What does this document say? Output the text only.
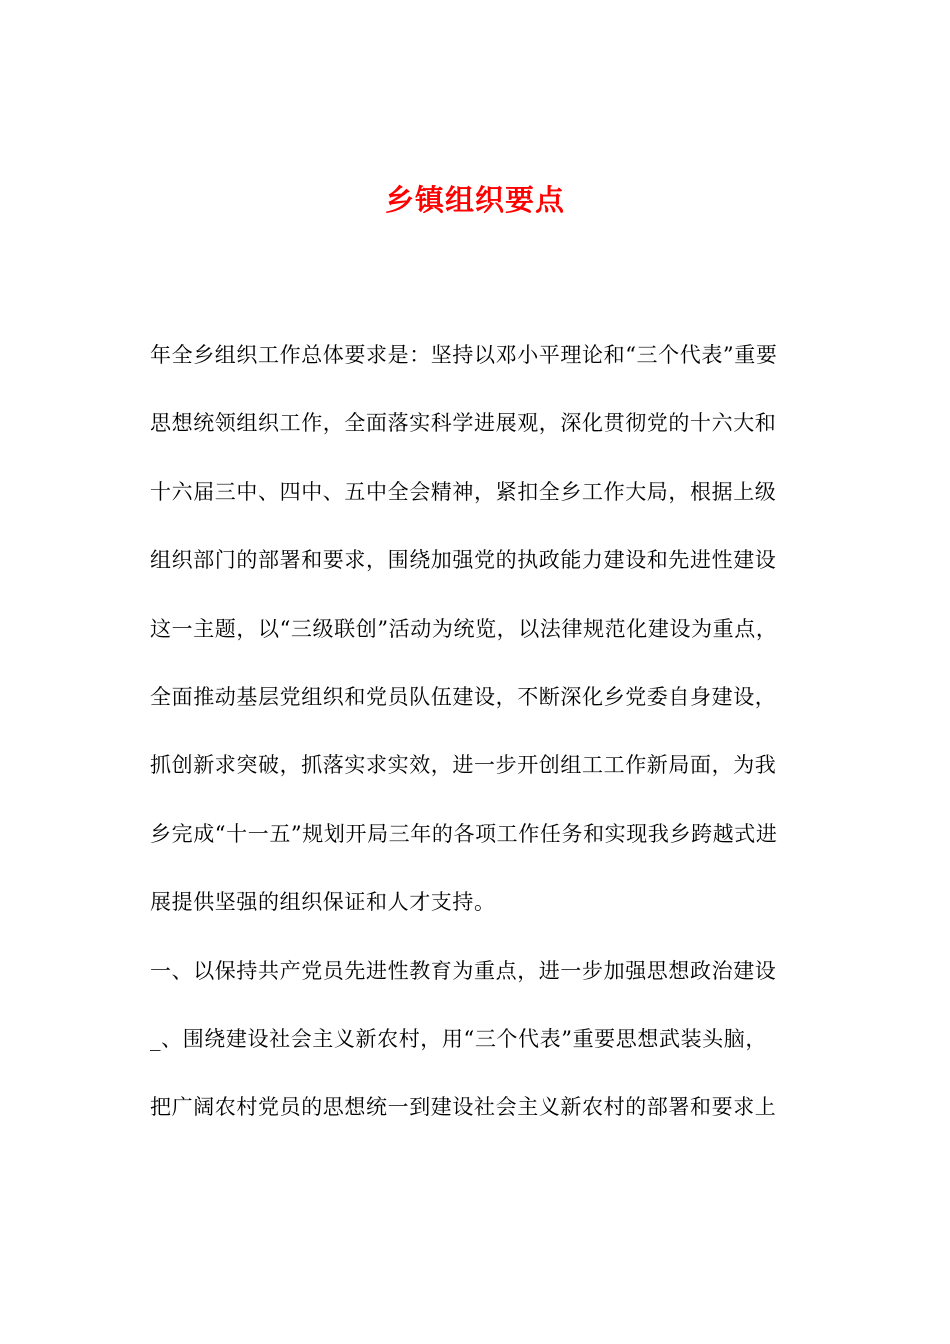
乡镇组织要点
年全乡组织工作总体要求是：坚持以邓小平理论和“三个代表”重要
思想统领组织工作，全面落实科学进展观，深化贯彻党的十六大和
十六届三中、四中、五中全会精神，紧扣全乡工作大局，根据上级
组织部门的部署和要求，围绕加强党的执政能力建设和先进性建设
这一主题，以“三级联创”活动为统览，以法律规范化建设为重点，
全面推动基层党组织和党员队伍建设，不断深化乡党委自身建设，
抓创新求突破，抓落实求实效，进一步开创组工工作新局面，为我
乡完成“十一五”规划开局三年的各项工作任务和实现我乡跨越式进
展提供坚强的组织保证和人才支持。
一、以保持共产党员先进性教育为重点，进一步加强思想政治建设
_、围绕建设社会主义新农村，用“三个代表”重要思想武装头脑，
把广阔农村党员的思想统一到建设社会主义新农村的部署和要求上
